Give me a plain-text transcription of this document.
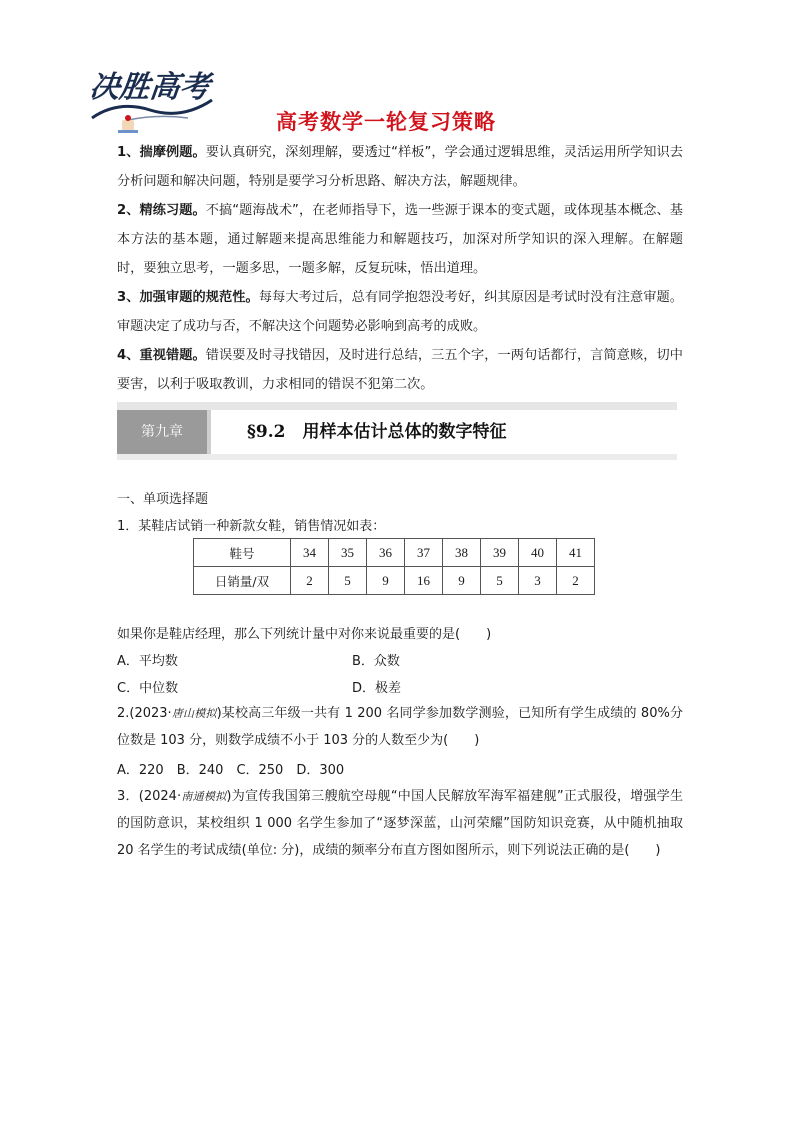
决胜高考
高考数学一轮复习策略

1、揣摩例题。要认真研究，深刻理解，要透过“样板”，学会通过逻辑思维，灵活运用所学知识去分析问题和解决问题，特别是要学习分析思路、解决方法，解题规律。

2、精练习题。不搞“题海战术”，在老师指导下，选一些源于课本的变式题，或体现基本概念、基本方法的基本题，通过解题来提高思维能力和解题技巧，加深对所学知识的深入理解。在解题时，要独立思考，一题多思，一题多解，反复玩味，悟出道理。

3、加强审题的规范性。每每大考过后，总有同学抱怨没考好，纠其原因是考试时没有注意审题。审题决定了成功与否，不解决这个问题势必影响到高考的成败。

4、重视错题。错误要及时寻找错因，及时进行总结，三五个字，一两句话都行，言简意赅，切中要害，以利于吸取教训，力求相同的错误不犯第二次。

第九章	§9.2　用样本估计总体的数字特征
一、单项选择题
1．某鞋店试销一种新款女鞋，销售情况如表：
鞋号	34	35	36	37	38	39	40	41
日销量/双	2	5	9	16	9	5	3	2
如果你是鞋店经理，那么下列统计量中对你来说最重要的是(　　)
A．平均数	B．众数
C．中位数	D．极差
2.(2023·唐山模拟)某校高三年级一共有 1 200 名同学参加数学测验，已知所有学生成绩的 80%分位数是 103 分，则数学成绩不小于 103 分的人数至少为(　　)
A．220　B．240　C．250　D．300
3．(2024·南通模拟)为宣传我国第三艘航空母舰“中国人民解放军海军福建舰”正式服役，增强学生的国防意识，某校组织 1 000 名学生参加了“逐梦深蓝，山河荣耀”国防知识竞赛，从中随机抽取 20 名学生的考试成绩(单位: 分)，成绩的频率分布直方图如图所示，则下列说法正确的是(　　)
